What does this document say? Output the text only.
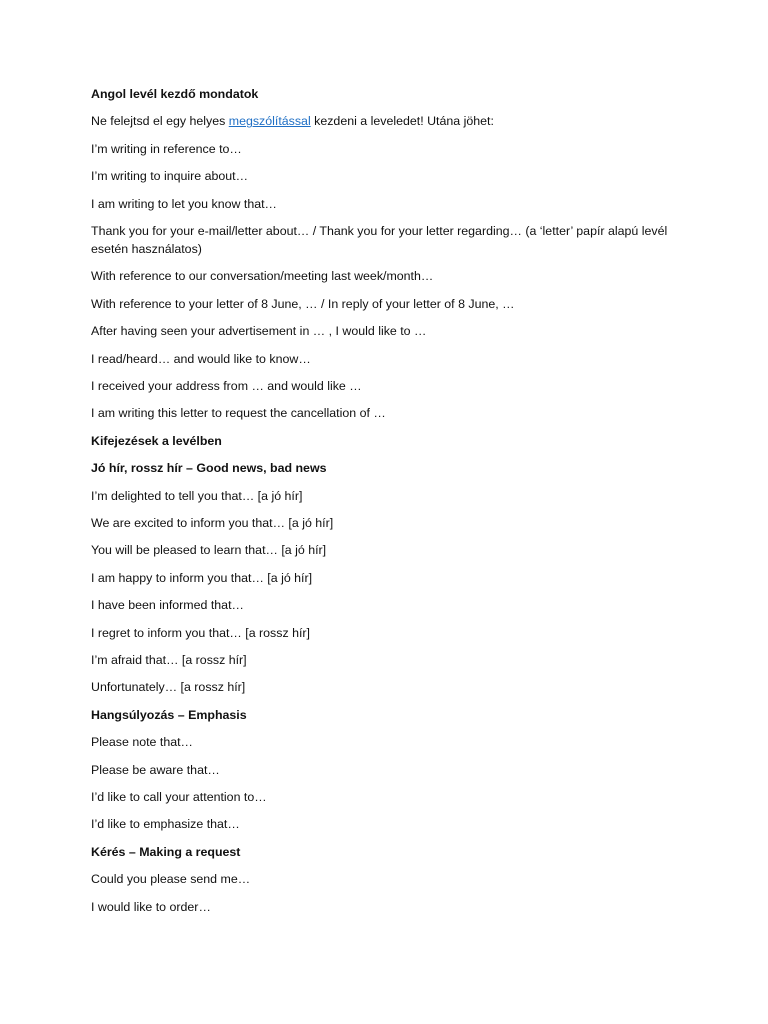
Angol levél kezdő mondatok

Ne felejtsd el egy helyes megszólítással kezdeni a leveledet! Utána jöhet:

I’m writing in reference to…

I’m writing to inquire about…

I am writing to let you know that…

Thank you for your e-mail/letter about… / Thank you for your letter regarding… (a ‘letter’ papír alapú levél esetén használatos)

With reference to our conversation/meeting last week/month…

With reference to your letter of 8 June, … / In reply of your letter of 8 June, …

After having seen your advertisement in … , I would like to …

I read/heard… and would like to know…

I received your address from … and would like …

I am writing this letter to request the cancellation of …

Kifejezések a levélben

Jó hír, rossz hír – Good news, bad news

I’m delighted to tell you that… [a jó hír]

We are excited to inform you that… [a jó hír]

You will be pleased to learn that… [a jó hír]

I am happy to inform you that… [a jó hír]

I have been informed that…

I regret to inform you that… [a rossz hír]

I’m afraid that… [a rossz hír]

Unfortunately… [a rossz hír]

Hangsúlyozás – Emphasis

Please note that…

Please be aware that…

I’d like to call your attention to…

I’d like to emphasize that…

Kérés – Making a request

Could you please send me…

I would like to order…
